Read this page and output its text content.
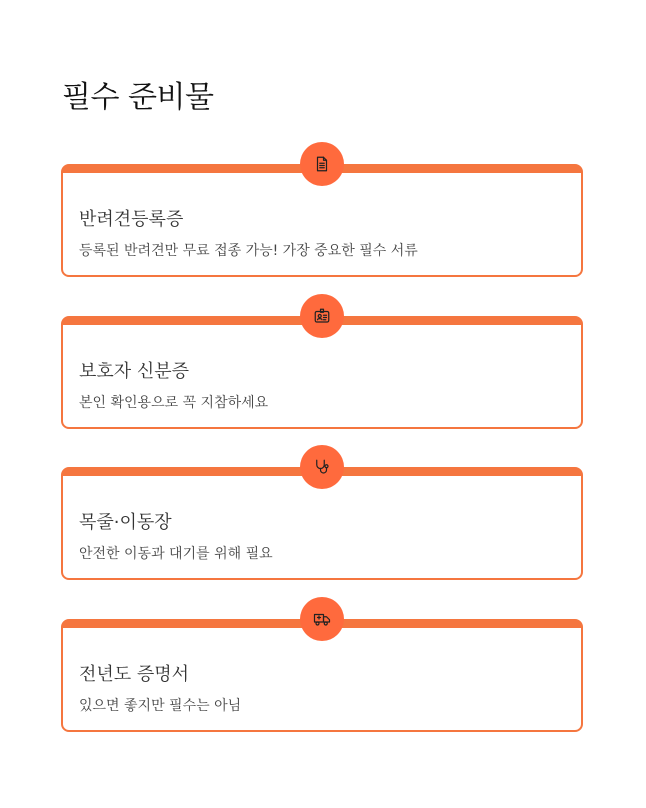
필수 준비물
반려견등록증

등록된 반려견만 무료 접종 가능! 가장 중요한 필수 서류

보호자 신분증

본인 확인용으로 꼭 지참하세요

목줄·이동장

안전한 이동과 대기를 위해 필요

전년도 증명서

있으면 좋지만 필수는 아님
